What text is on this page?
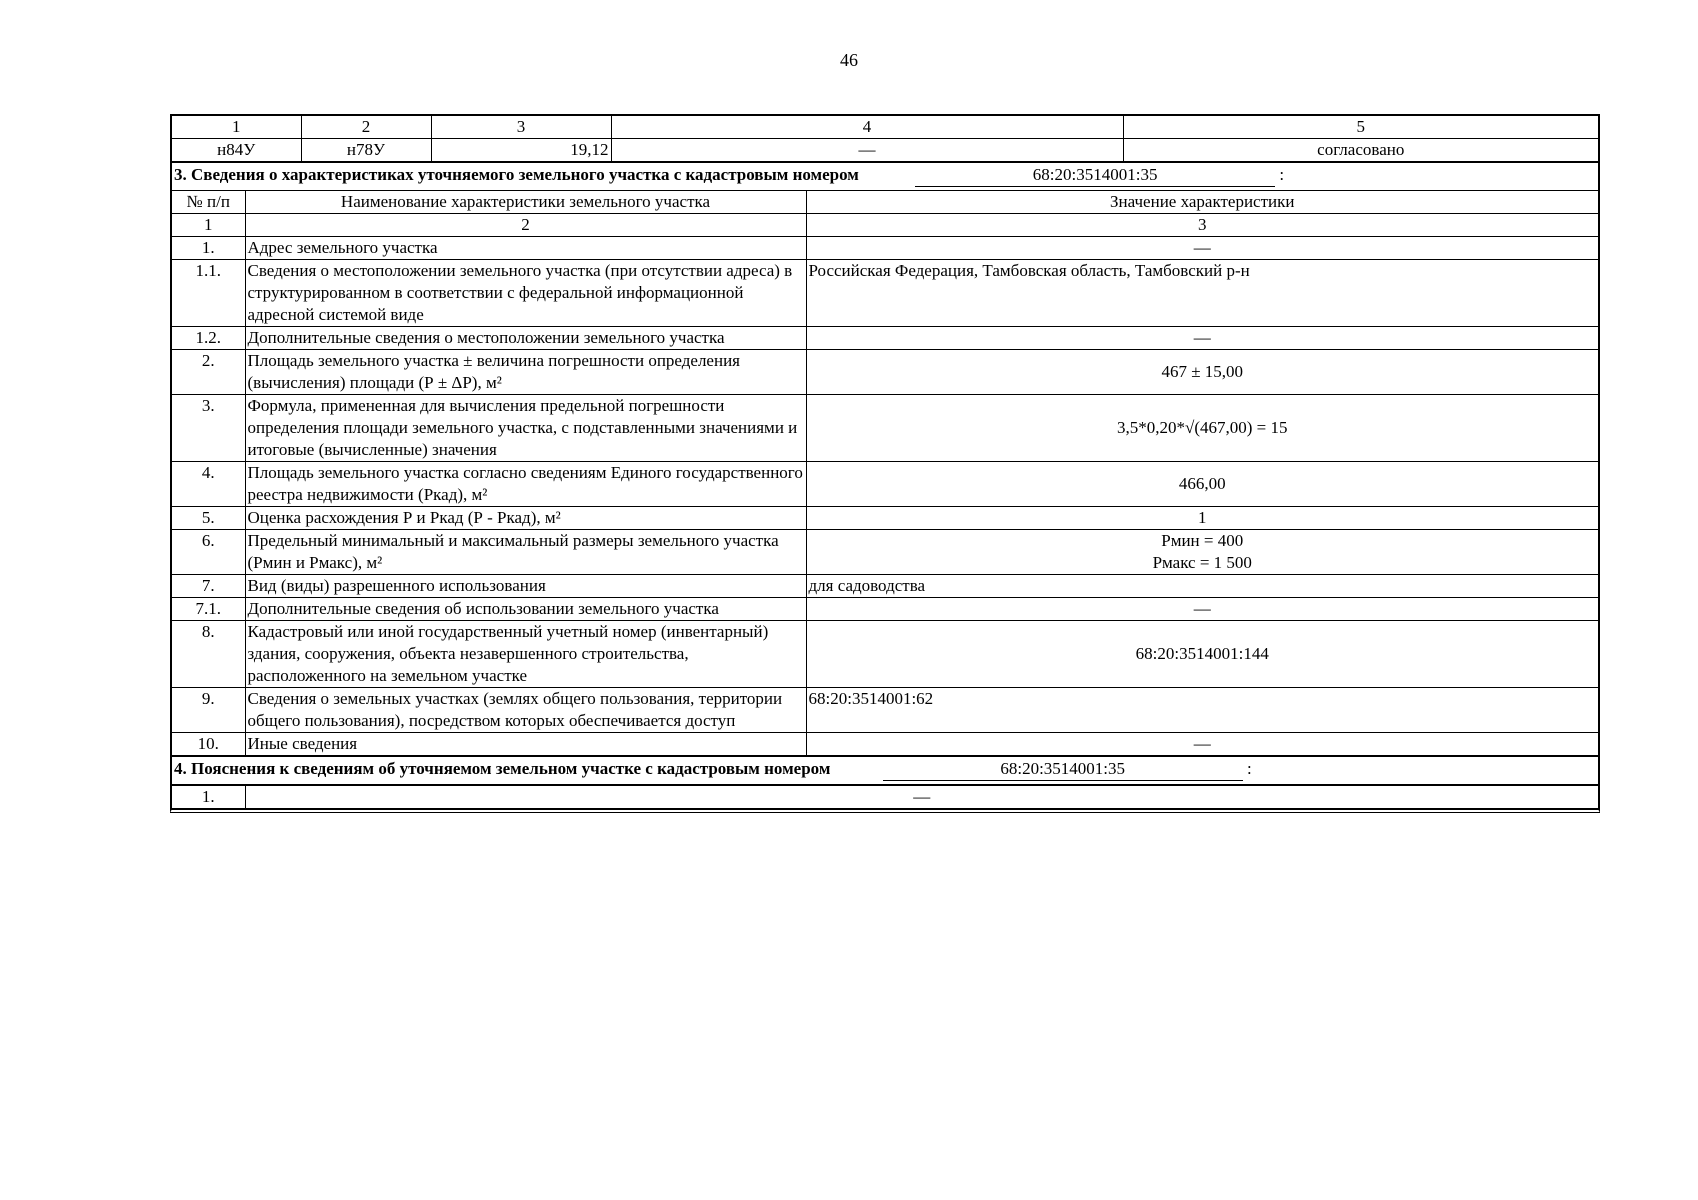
46
1	2	3	4	5
н84У	н78У	19,12	—	согласовано
3. Сведения о характеристиках уточняемого земельного участка с кадастровым номером 68:20:3514001:35 :		
№ п/п	Наименование характеристики земельного участка	Значение характеристики
1	2	3
1.	Адрес земельного участка	—
1.1.	Сведения о местоположении земельного участка (при отсутствии адреса) в структурированном в соответствии с федеральной информационной адресной системой виде	Российская Федерация, Тамбовская область, Тамбовский р-н
1.2.	Дополнительные сведения о местоположении земельного участка	—
2.	Площадь земельного участка ± величина погрешности определения (вычисления) площади (Р ± ΔР), м²	467 ± 15,00
3.	Формула, примененная для вычисления предельной погрешности определения площади земельного участка, с подставленными значениями и итоговые (вычисленные) значения	3,5*0,20*√(467,00) = 15
4.	Площадь земельного участка согласно сведениям Единого государственного реестра недвижимости (Ркад), м²	466,00
5.	Оценка расхождения Р и Ркад (Р - Ркад), м²	1
6.	Предельный минимальный и максимальный размеры земельного участка (Рмин и Рмакс), м²	Рмин = 400
Рмакс = 1 500

7.	Вид (виды) разрешенного использования	для садоводства
7.1.	Дополнительные сведения об использовании земельного участка	—
8.	Кадастровый или иной государственный учетный номер (инвентарный) здания, сооружения, объекта незавершенного строительства, расположенного на земельном участке	68:20:3514001:144
9.	Сведения о земельных участках (землях общего пользования, территории общего пользования), посредством которых обеспечивается доступ	68:20:3514001:62
10.	Иные сведения	—
4. Пояснения к сведениям об уточняемом земельном участке с кадастровым номером	68:20:3514001:35	:
1.	—
